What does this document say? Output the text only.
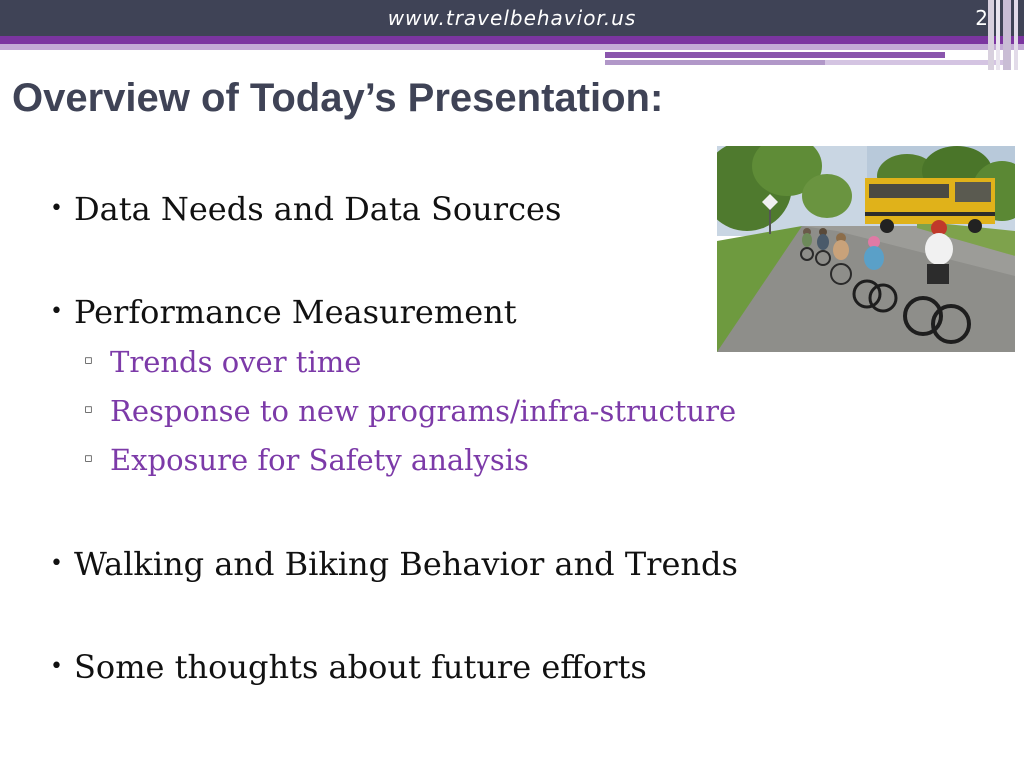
www.travelbehavior.us	2
Overview of Today’s Presentation:
• Data Needs and Data Sources
• Performance Measurement
▫ Trends over time
▫ Response to new programs/infra-structure
▫ Exposure for Safety analysis
• Walking and Biking Behavior and Trends
• Some thoughts about future efforts
